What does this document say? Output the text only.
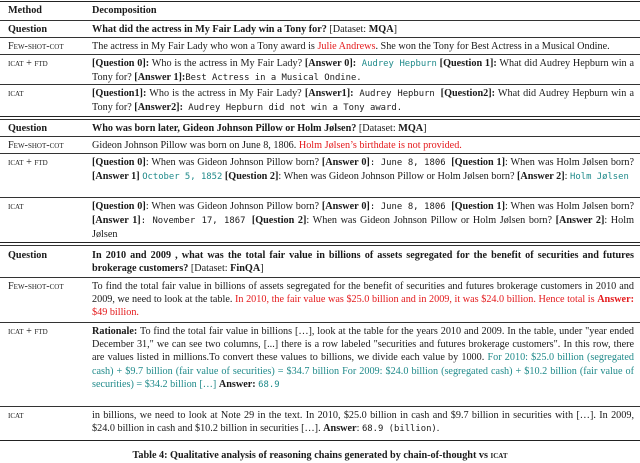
Method	Decomposition
Question	What did the actress in My Fair Lady win a Tony for? [Dataset: MQA]
Few-shot-cot	The actress in My Fair Lady who won a Tony award is Julie Andrews. She won the Tony for Best Actress in a Musical Ondine.
icat + ftd	[Question 0]: Who is the actress in My Fair Lady? [Answer 0]: Audrey Hepburn [Question 1]: What did Audrey Hepburn win a Tony for? [Answer 1]:Best Actress in a Musical Ondine.
icat	[Question1]: Who is the actress in My Fair Lady? [Answer1]: Audrey Hepburn [Question2]: What did Audrey Hepburn win a Tony for? [Answer2]: Audrey Hepburn did not win a Tony award.
Question	Who was born later, Gideon Johnson Pillow or Holm Jølsen? [Dataset: MQA]
Few-shot-cot	Gideon Johnson Pillow was born on June 8, 1806. Holm Jølsen’s birthdate is not provided.
icat + ftd	[Question 0]: When was Gideon Johnson Pillow born? [Answer 0]: June 8, 1806 [Question 1]: When was Holm Jølsen born? [Answer 1] October 5, 1852 [Question 2]: When was Gideon Johnson Pillow or Holm Jølsen born? [Answer 2]: Holm Jølsen
icat	[Question 0]: When was Gideon Johnson Pillow born? [Answer 0]: June 8, 1806 [Question 1]: When was Holm Jølsen born? [Answer 1]: November 17, 1867 [Question 2]: When was Gideon Johnson Pillow or Holm Jølsen born? [Answer 2]: Holm Jølsen
Question	In 2010 and 2009 , what was the total fair value in billions of assets segregated for the benefit of securities and futures brokerage customers? [Dataset: FinQA]
Few-shot-cot	To find the total fair value in billions of assets segregated for the benefit of securities and futures brokerage customers in 2010 and 2009, we need to look at the table. In 2010, the fair value was $25.0 billion and in 2009, it was $24.0 billion. Hence total is Answer: $49 billion.
icat + ftd	Rationale: To find the total fair value in billions […], look at the table for the years 2010 and 2009. In the table, under "year ended December 31," we can see two columns, [...] there is a row labeled "securities and futures brokerage customers". In this row, there are values listed in millions.To convert these values to billions, we divide each value by 1000. For 2010: $25.0 billion (segregated cash) + $9.7 billion (fair value of securities) = $34.7 billion For 2009: $24.0 billion (segregated cash) + $10.2 billion (fair value of securities) = $34.2 billion […] Answer: 68.9
icat	in billions, we need to look at Note 29 in the text. In 2010, $25.0 billion in cash and $9.7 billion in securities with […]. In 2009, $24.0 billion in cash and $10.2 billion in securities […]. Answer: 68.9 (billion).
Table 4: Qualitative analysis of reasoning chains generated by chain-of-thought vs icat
